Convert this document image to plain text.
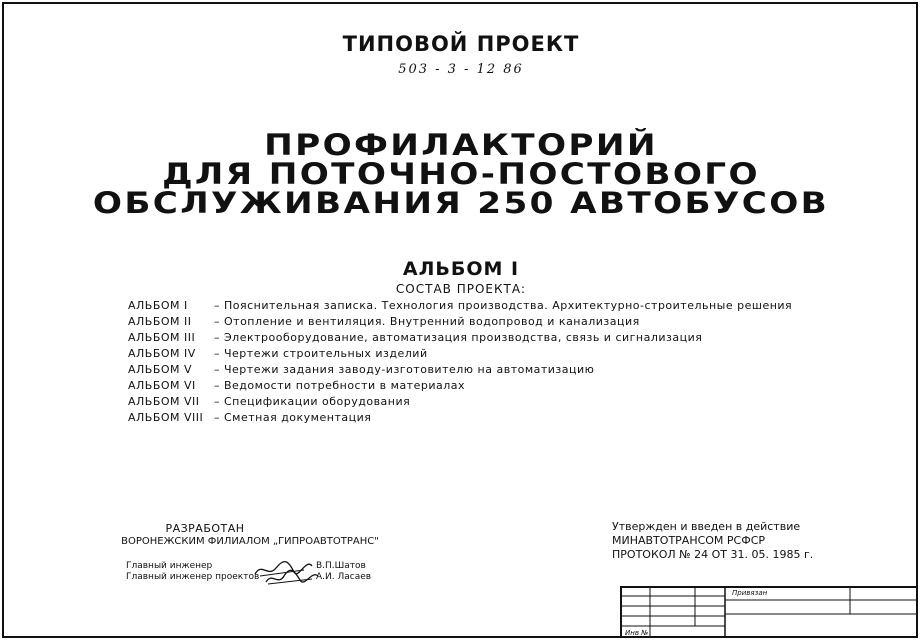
ТИПОВОЙ ПРОЕКТ
503 - 3 - 12 86
ПРОФИЛАКТОРИЙ
ДЛЯ ПОТОЧНО-ПОСТОВОГО
ОБСЛУЖИВАНИЯ 250 АВТОБУСОВ
АЛЬБОМ I
СОСТАВ ПРОЕКТА:
АЛЬБОМ I	– Пояснительная записка. Технология производства. Архитектурно-строительные решения
АЛЬБОМ II	– Отопление и вентиляция. Внутренний водопровод и канализация
АЛЬБОМ III	– Электрооборудование, автоматизация производства, связь и сигнализация
АЛЬБОМ IV	– Чертежи строительных изделий
АЛЬБОМ V	– Чертежи задания заводу-изготовителю на автоматизацию
АЛЬБОМ VI	– Ведомости потребности в материалах
АЛЬБОМ VII	– Спецификации оборудования
АЛЬБОМ VIII – Сметная документация
РАЗРАБОТАН
ВОРОНЕЖСКИМ ФИЛИАЛОМ „ГИПРОАВТОТРАНС"
Главный инженер	В.П.Шатов
Главный инженер проектов	А.И. Ласаев
Утвержден и введен в действие
МИНАВТОТРАНСОМ РСФСР
ПРОТОКОЛ № 24 ОТ 31. 05. 1985 г.
Привязан
Инв №
